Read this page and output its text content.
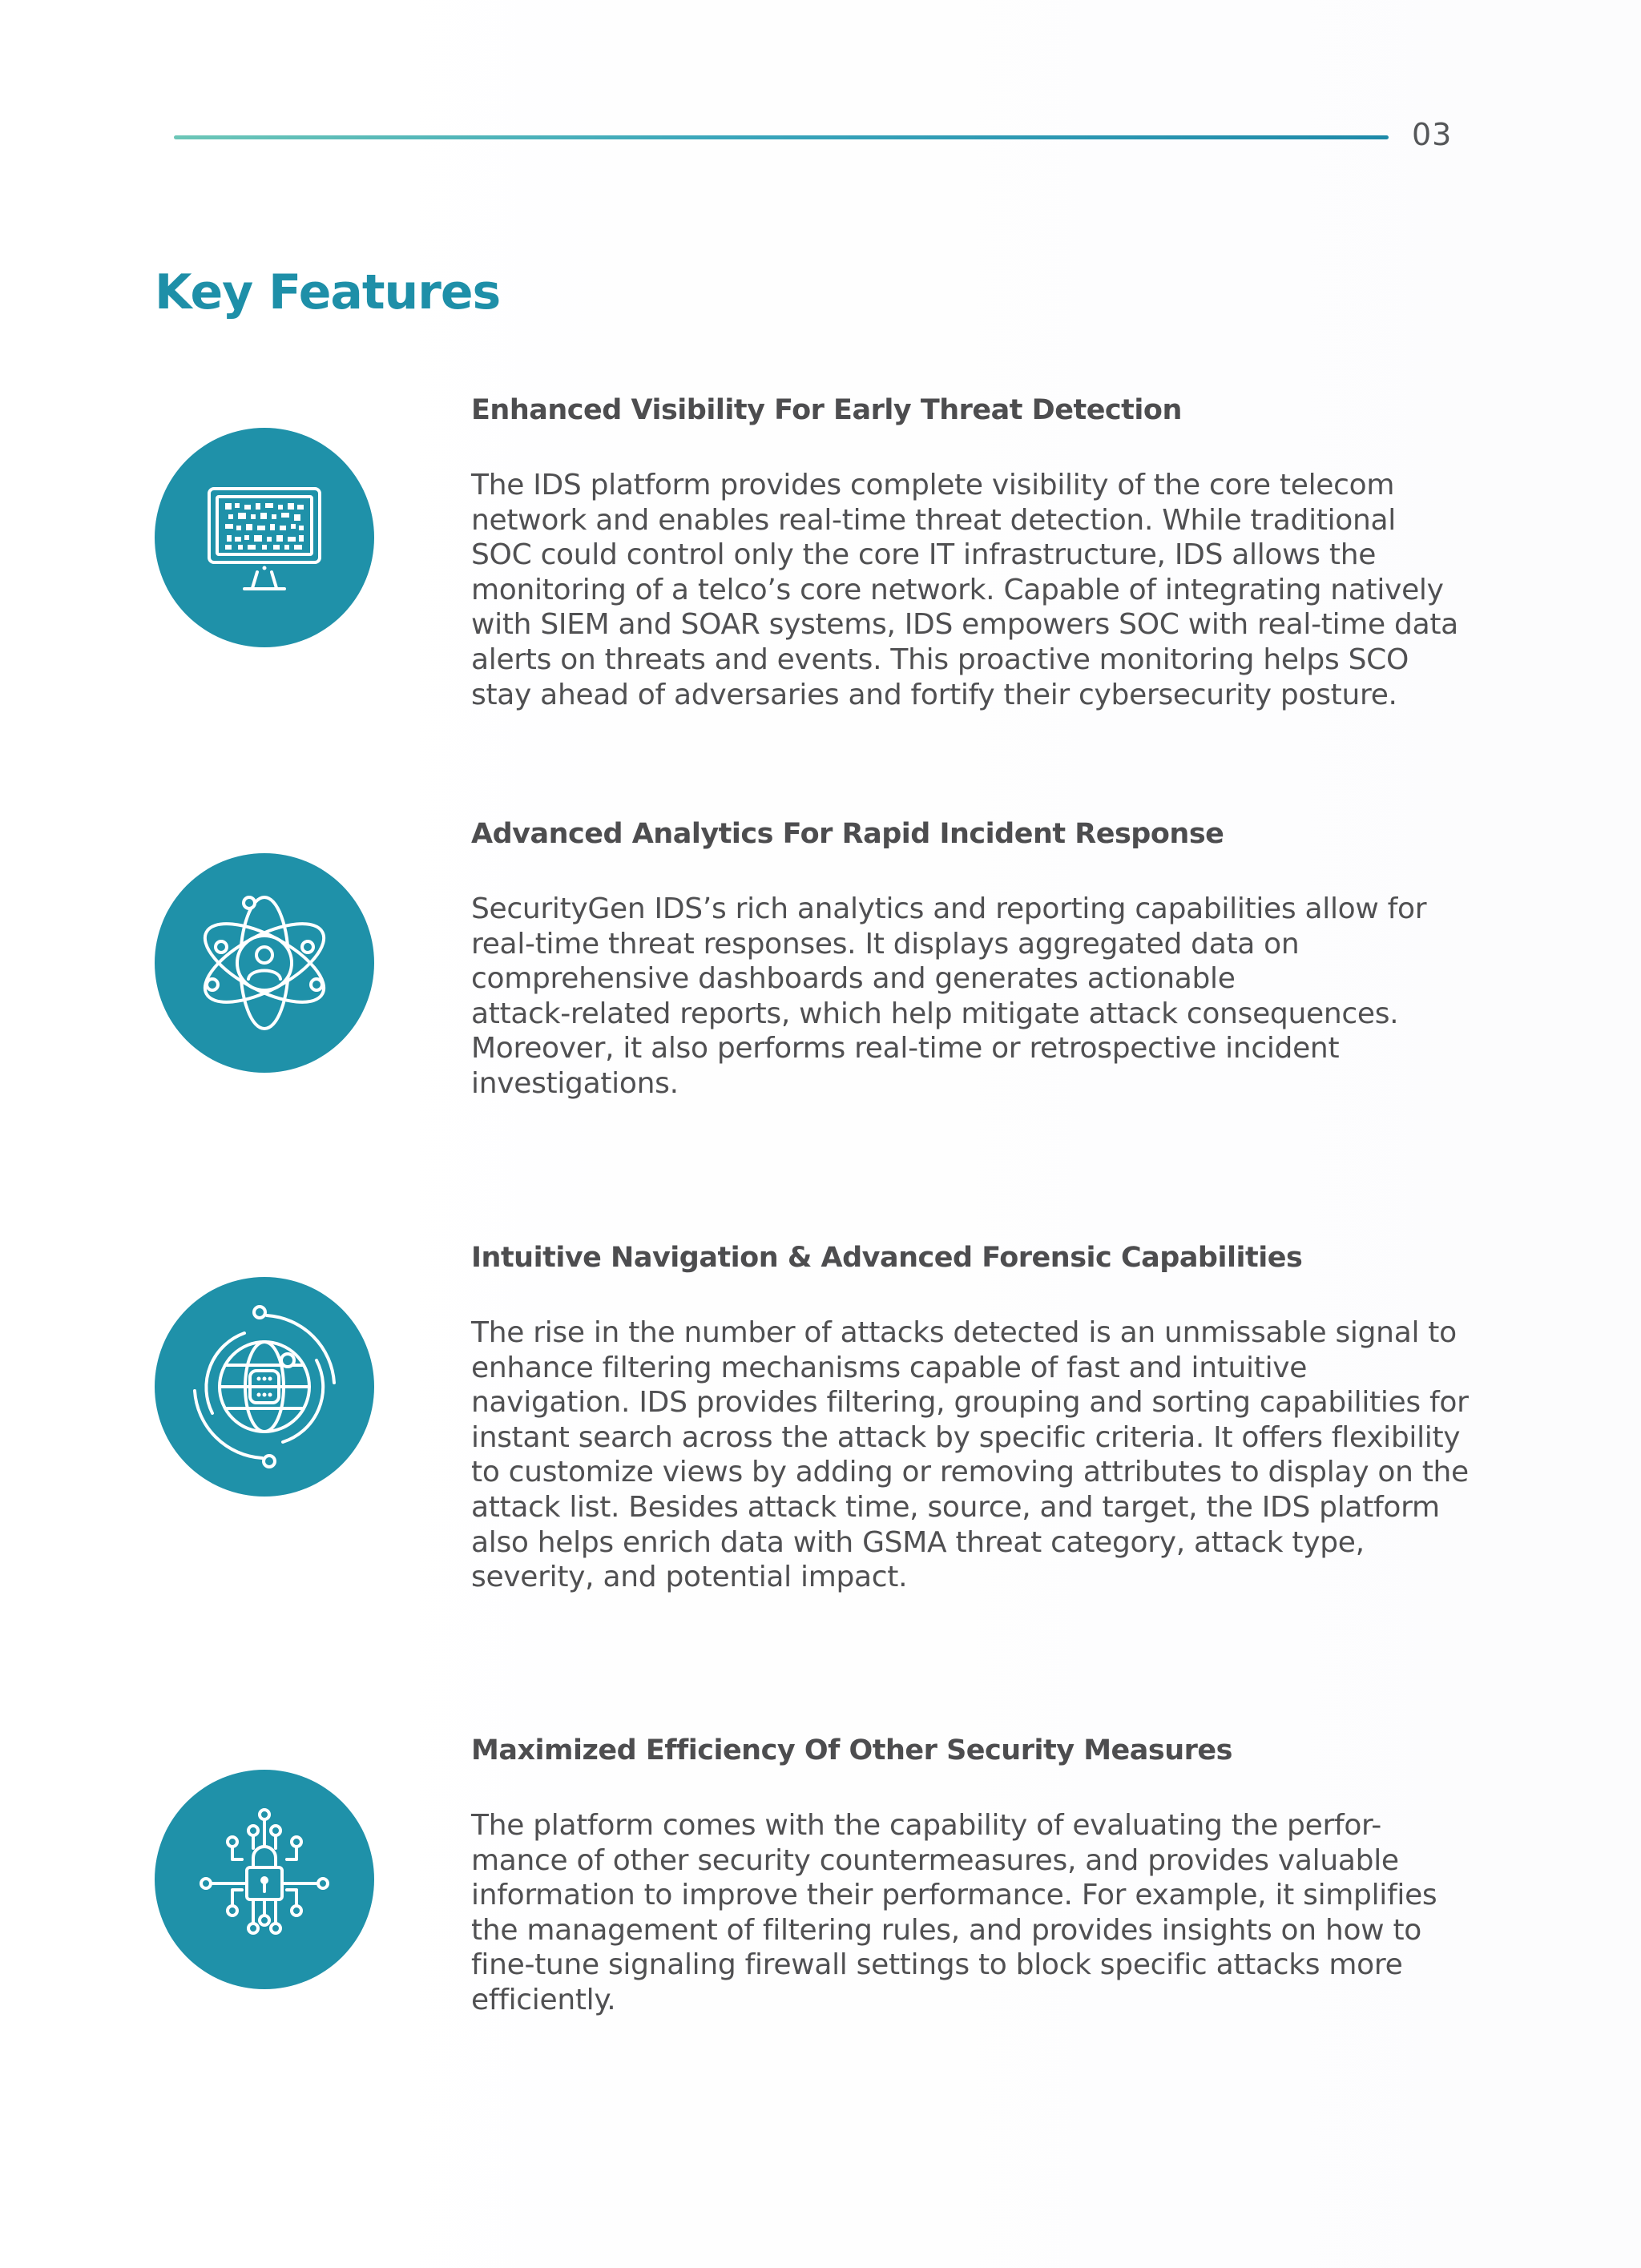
03
Key Features
Enhanced Visibility For Early Threat Detection

The IDS platform provides complete visibility of the core telecom
network and enables real-time threat detection. While traditional
SOC could control only the core IT infrastructure, IDS allows the
monitoring of a telco’s core network. Capable of integrating natively
with SIEM and SOAR systems, IDS empowers SOC with real-time data
alerts on threats and events. This proactive monitoring helps SCO
stay ahead of adversaries and fortify their cybersecurity posture.

Advanced Analytics For Rapid Incident Response

SecurityGen IDS’s rich analytics and reporting capabilities allow for
real-time threat responses. It displays aggregated data on
comprehensive dashboards and generates actionable
attack-related reports, which help mitigate attack consequences.
Moreover, it also performs real-time or retrospective incident
investigations.

Intuitive Navigation & Advanced Forensic Capabilities

The rise in the number of attacks detected is an unmissable signal to
enhance filtering mechanisms capable of fast and intuitive
navigation. IDS provides filtering, grouping and sorting capabilities for
instant search across the attack by specific criteria. It offers flexibility
to customize views by adding or removing attributes to display on the
attack list. Besides attack time, source, and target, the IDS platform
also helps enrich data with GSMA threat category, attack type,
severity, and potential impact.

Maximized Efficiency Of Other Security Measures

The platform comes with the capability of evaluating the perfor-
mance of other security countermeasures, and provides valuable
information to improve their performance. For example, it simplifies
the management of filtering rules, and provides insights on how to
fine-tune signaling firewall settings to block specific attacks more
efficiently.
